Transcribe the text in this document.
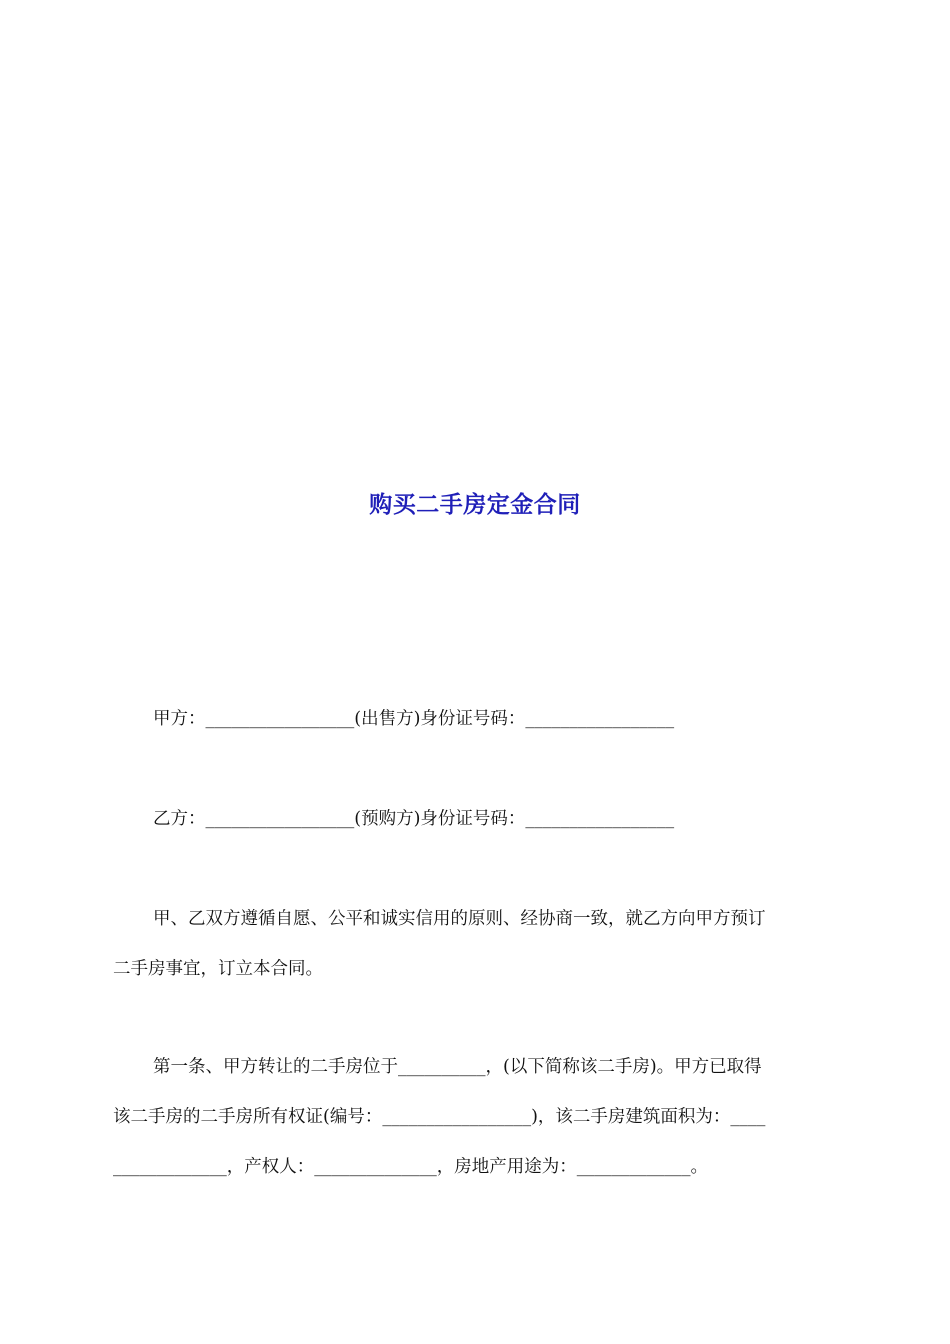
购买二手房定金合同
甲方：_________________(出售方)身份证号码：_________________
乙方：_________________(预购方)身份证号码：_________________
甲、乙双方遵循自愿、公平和诚实信用的原则、经协商一致，就乙方向甲方预订
二手房事宜，订立本合同。
第一条、甲方转让的二手房位于__________，(以下简称该二手房)。甲方已取得
该二手房的二手房所有权证(编号：_________________)，该二手房建筑面积为：____
_____________，产权人：______________，房地产用途为：_____________。
